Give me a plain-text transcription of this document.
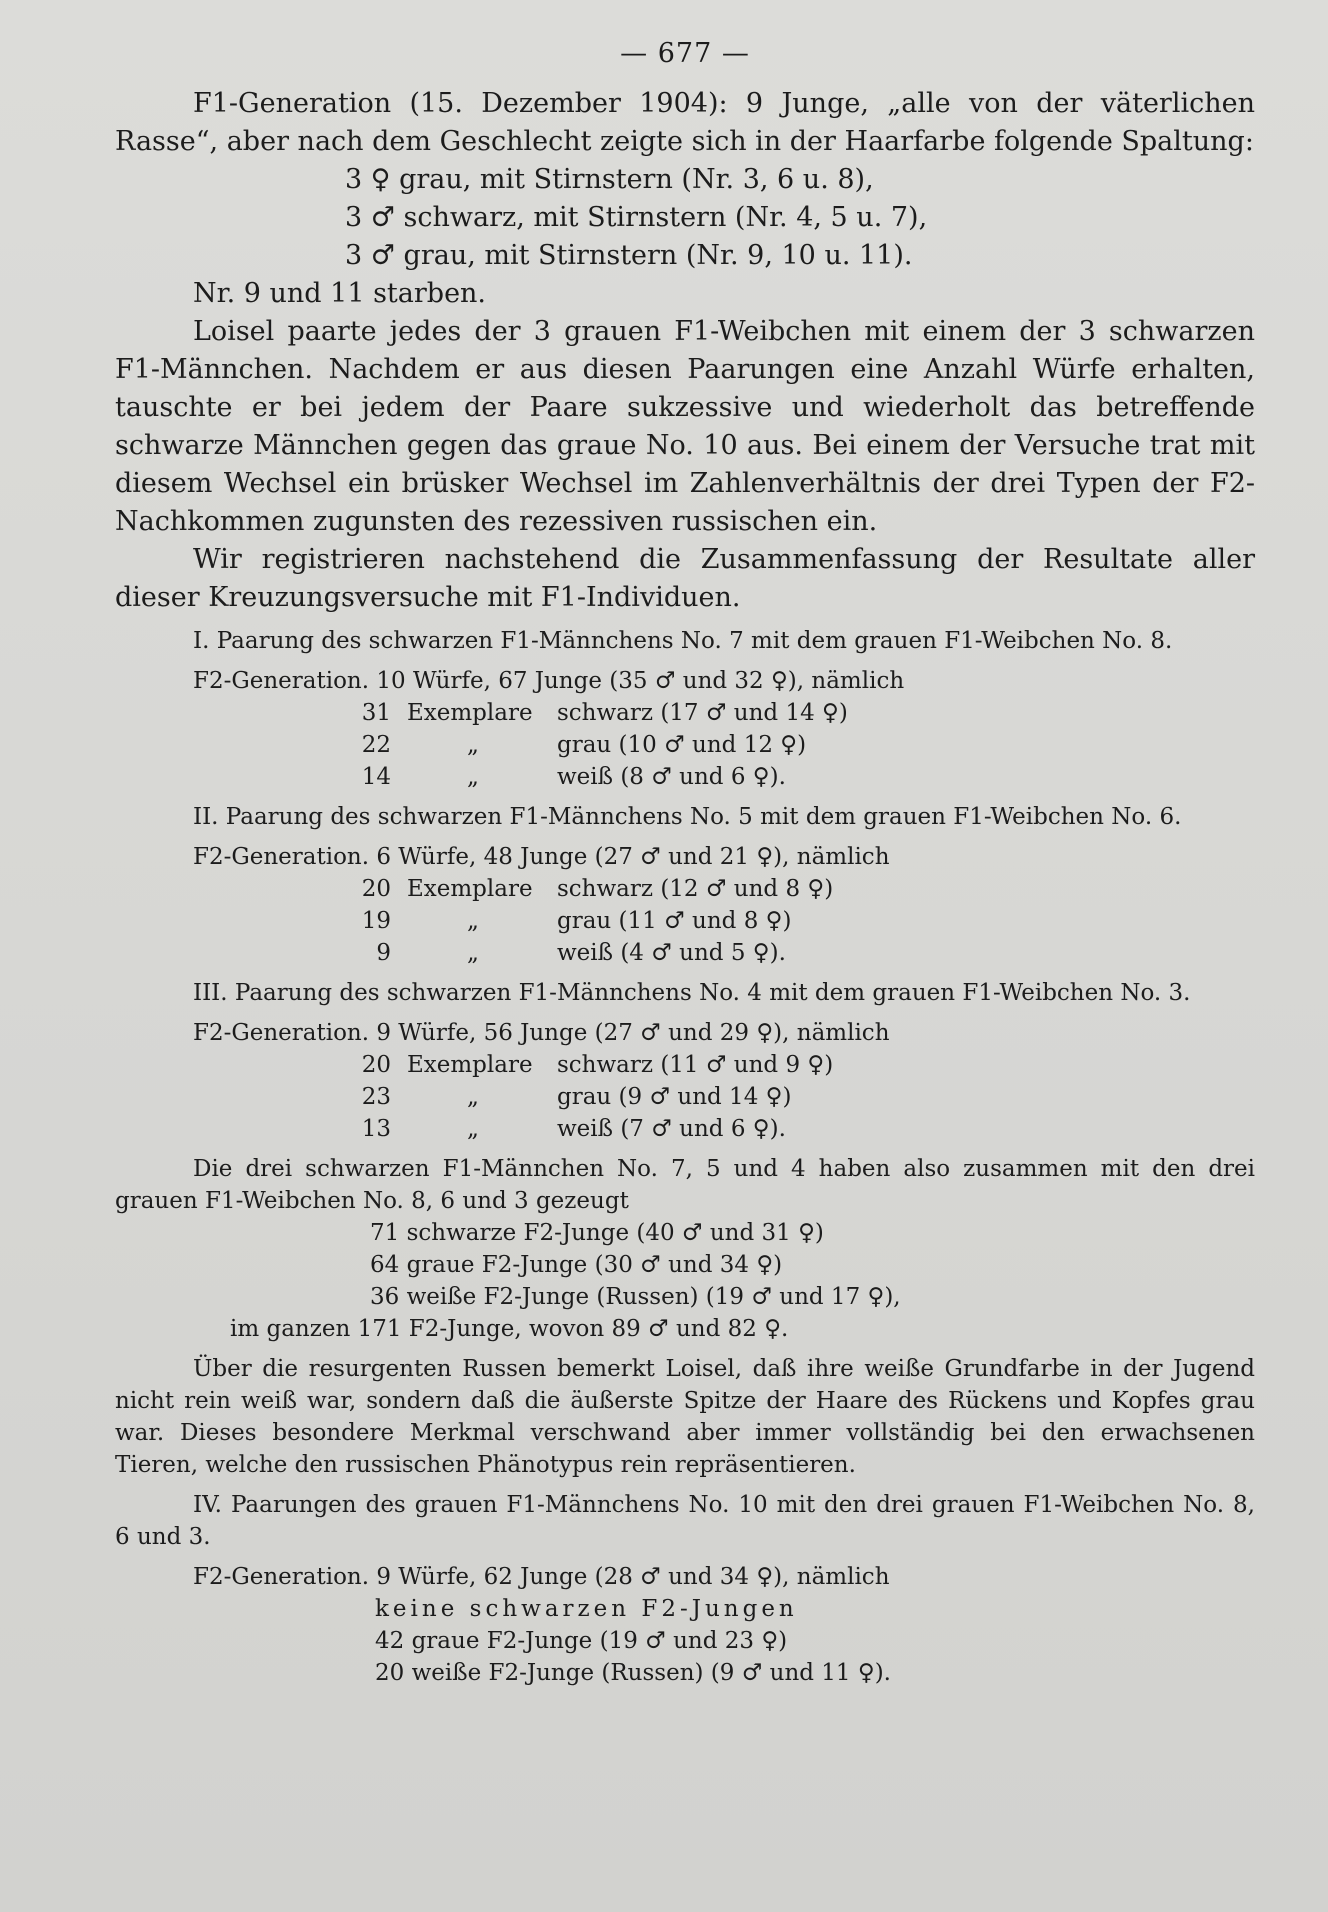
— 677 —

F1-Generation (15. Dezember 1904): 9 Junge, „alle von der väterlichen Rasse“, aber nach dem Geschlecht zeigte sich in der Haarfarbe folgende Spaltung:

3 ♀ grau, mit Stirnstern (Nr. 3, 6 u. 8),
3 ♂ schwarz, mit Stirnstern (Nr. 4, 5 u. 7),
3 ♂ grau, mit Stirnstern (Nr. 9, 10 u. 11).

Nr. 9 und 11 starben.

Loisel paarte jedes der 3 grauen F1-Weibchen mit einem der 3 schwarzen F1-Männchen. Nachdem er aus diesen Paarungen eine Anzahl Würfe erhalten, tauschte er bei jedem der Paare sukzessive und wiederholt das betreffende schwarze Männchen gegen das graue No. 10 aus. Bei einem der Versuche trat mit diesem Wechsel ein brüsker Wechsel im Zahlenverhältnis der drei Typen der F2-Nachkommen zugunsten des rezessiven russischen ein.

Wir registrieren nachstehend die Zusammenfassung der Resultate aller dieser Kreuzungsversuche mit F1-Individuen.

I. Paarung des schwarzen F1-Männchens No. 7 mit dem grauen F1-Weibchen No. 8.

F2-Generation. 10 Würfe, 67 Junge (35 ♂ und 32 ♀), nämlich

31 Exemplare	schwarz (17 ♂ und 14 ♀)
22	„	grau (10 ♂ und 12 ♀)
14	„	weiß (8 ♂ und 6 ♀).

II. Paarung des schwarzen F1-Männchens No. 5 mit dem grauen F1-Weibchen No. 6.

F2-Generation. 6 Würfe, 48 Junge (27 ♂ und 21 ♀), nämlich

20 Exemplare	schwarz (12 ♂ und 8 ♀)
19	„	grau (11 ♂ und 8 ♀)
9	„	weiß (4 ♂ und 5 ♀).

III. Paarung des schwarzen F1-Männchens No. 4 mit dem grauen F1-Weibchen No. 3.

F2-Generation. 9 Würfe, 56 Junge (27 ♂ und 29 ♀), nämlich

20 Exemplare	schwarz (11 ♂ und 9 ♀)
23	„	grau (9 ♂ und 14 ♀)
13	„	weiß (7 ♂ und 6 ♀).

Die drei schwarzen F1-Männchen No. 7, 5 und 4 haben also zusammen mit den drei grauen F1-Weibchen No. 8, 6 und 3 gezeugt

71 schwarze F2-Junge (40 ♂ und 31 ♀)
64 graue F2-Junge (30 ♂ und 34 ♀)
36 weiße F2-Junge (Russen) (19 ♂ und 17 ♀),

im ganzen 171 F2-Junge, wovon 89 ♂ und 82 ♀.

Über die resurgenten Russen bemerkt Loisel, daß ihre weiße Grundfarbe in der Jugend nicht rein weiß war, sondern daß die äußerste Spitze der Haare des Rückens und Kopfes grau war. Dieses besondere Merkmal verschwand aber immer vollständig bei den erwachsenen Tieren, welche den russischen Phänotypus rein repräsentieren.

IV. Paarungen des grauen F1-Männchens No. 10 mit den drei grauen F1-Weibchen No. 8, 6 und 3.

F2-Generation. 9 Würfe, 62 Junge (28 ♂ und 34 ♀), nämlich

keine schwarzen F2-Jungen
42 graue F2-Junge (19 ♂ und 23 ♀)
20 weiße F2-Junge (Russen) (9 ♂ und 11 ♀).
